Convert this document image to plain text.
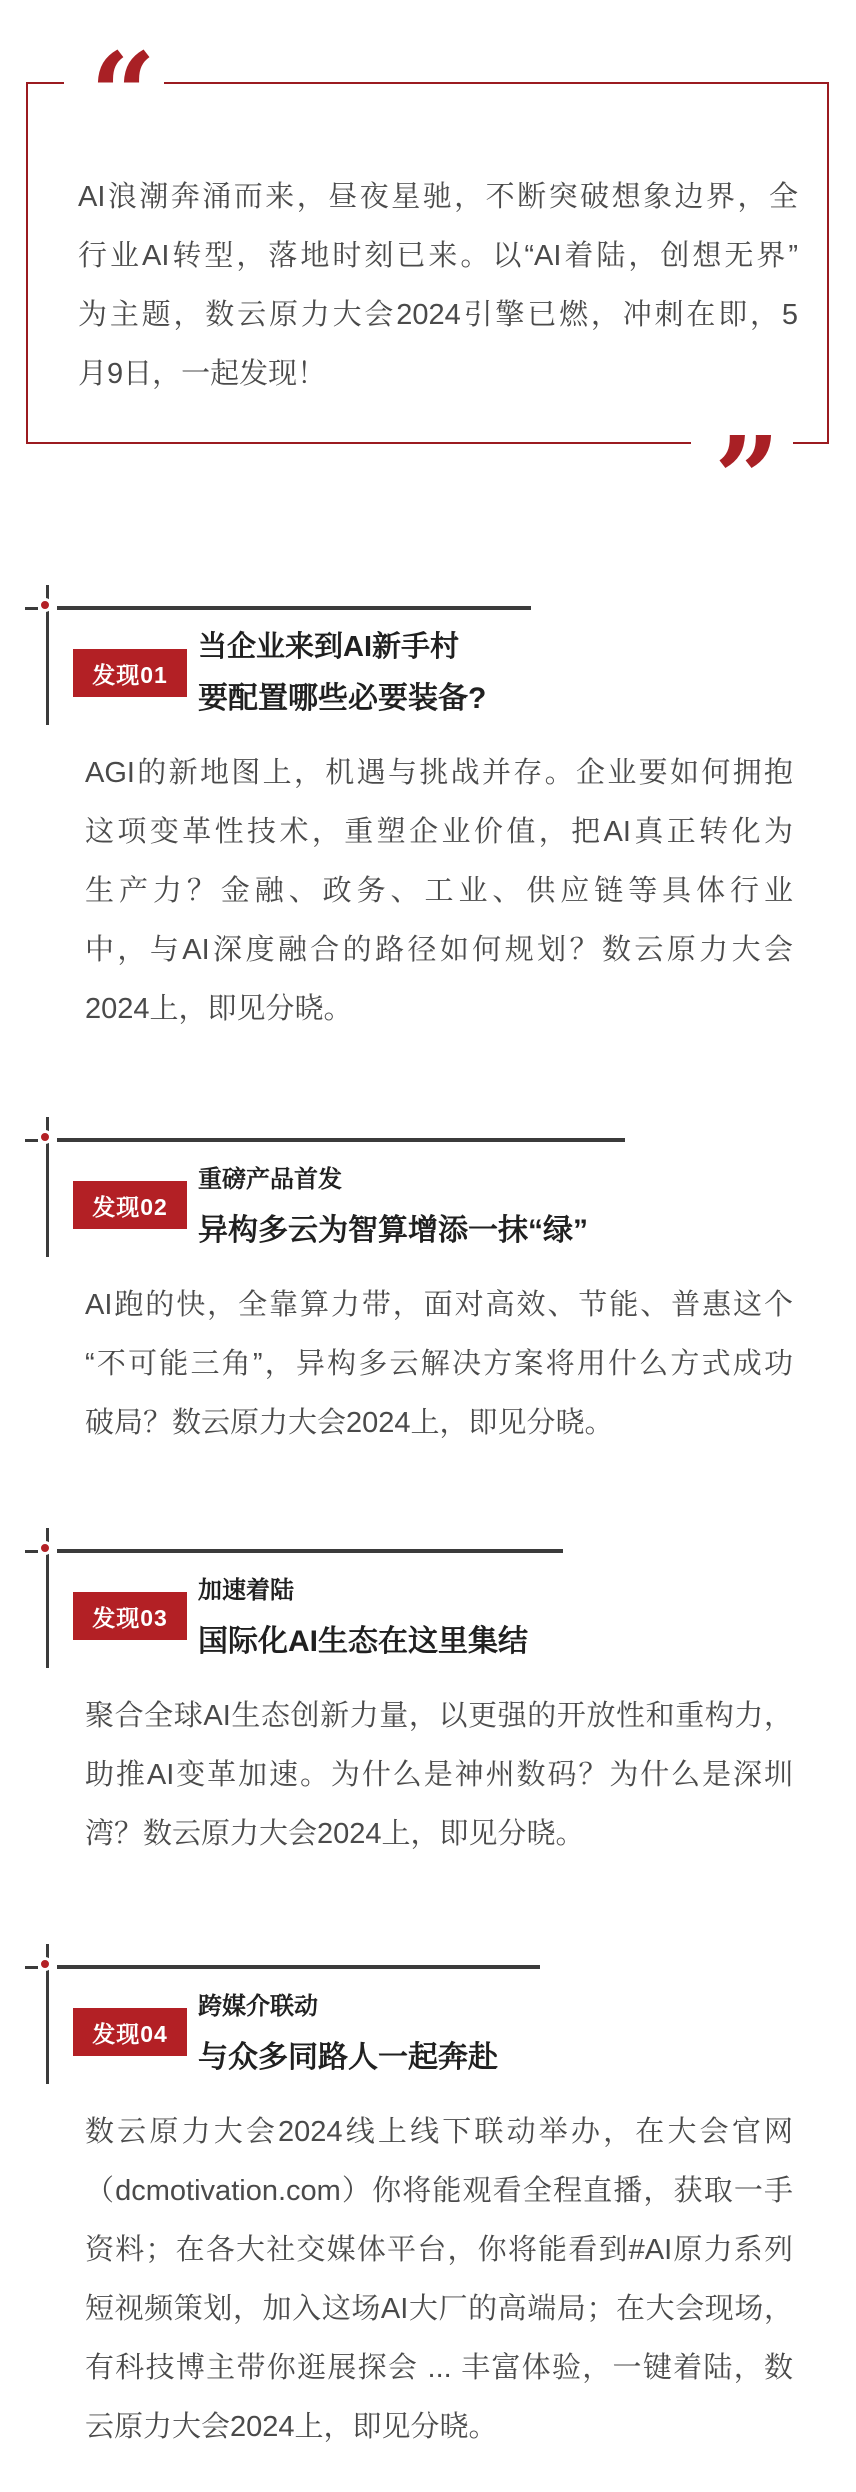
“
”
AI浪潮奔涌而来，昼夜星驰，不断突破想象边界，全
行业AI转型，落地时刻已来。以“AI着陆，创想无界”
为主题，数云原力大会2024引擎已燃，冲刺在即，5
月9日，一起发现！
发现01
当企业来到AI新手村
要配置哪些必要装备?
AGI的新地图上，机遇与挑战并存。企业要如何拥抱
这项变革性技术，重塑企业价值，把AI真正转化为
生产力？金融、政务、工业、供应链等具体行业
中，与AI深度融合的路径如何规划？数云原力大会
2024上，即见分晓。
发现02
重磅产品首发
异构多云为智算增添一抹“绿”
AI跑的快，全靠算力带，面对高效、节能、普惠这个
“不可能三角”，异构多云解决方案将用什么方式成功
破局？数云原力大会2024上，即见分晓。
发现03
加速着陆
国际化AI生态在这里集结
聚合全球AI生态创新力量，以更强的开放性和重构力，
助推AI变革加速。为什么是神州数码？为什么是深圳
湾？数云原力大会2024上，即见分晓。
发现04
跨媒介联动
与众多同路人一起奔赴
数云原力大会2024线上线下联动举办，在大会官网
（dcmotivation.com）你将能观看全程直播，获取一手
资料；在各大社交媒体平台，你将能看到#AI原力系列
短视频策划，加入这场AI大厂的高端局；在大会现场，
有科技博主带你逛展探会 ... 丰富体验，一键着陆，数
云原力大会2024上，即见分晓。
